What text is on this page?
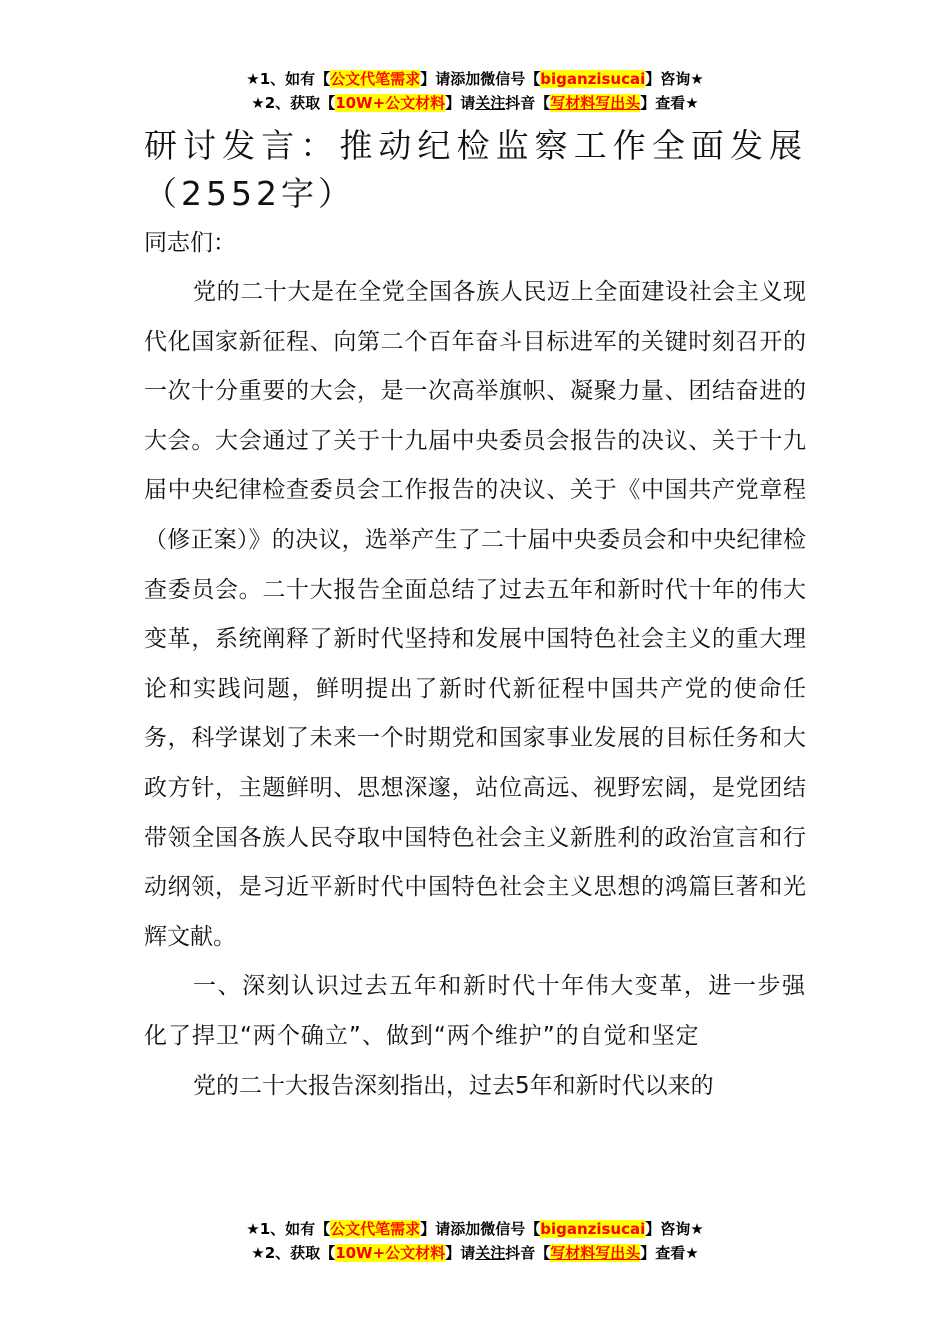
★1、如有【公文代笔需求】请添加微信号【biganzisucai】咨询★
★2、获取【10W+公文材料】请关注抖音【写材料写出头】查看★
研讨发言：推动纪检监察工作全面发展（2552字）

同志们：

党的二十大是在全党全国各族人民迈上全面建设社会主义现代化国家新征程、向第二个百年奋斗目标进军的关键时刻召开的一次十分重要的大会，是一次高举旗帜、凝聚力量、团结奋进的大会。大会通过了关于十九届中央委员会报告的决议、关于十九届中央纪律检查委员会工作报告的决议、关于《中国共产党章程（修正案）》的决议，选举产生了二十届中央委员会和中央纪律检查委员会。二十大报告全面总结了过去五年和新时代十年的伟大变革，系统阐释了新时代坚持和发展中国特色社会主义的重大理论和实践问题，鲜明提出了新时代新征程中国共产党的使命任务，科学谋划了未来一个时期党和国家事业发展的目标任务和大政方针，主题鲜明、思想深邃，站位高远、视野宏阔，是党团结带领全国各族人民夺取中国特色社会主义新胜利的政治宣言和行动纲领，是习近平新时代中国特色社会主义思想的鸿篇巨著和光辉文献。

一、深刻认识过去五年和新时代十年伟大变革，进一步强化了捍卫“两个确立”、做到“两个维护”的自觉和坚定

党的二十大报告深刻指出，过去5年和新时代以来的

★1、如有【公文代笔需求】请添加微信号【biganzisucai】咨询★
★2、获取【10W+公文材料】请关注抖音【写材料写出头】查看★
